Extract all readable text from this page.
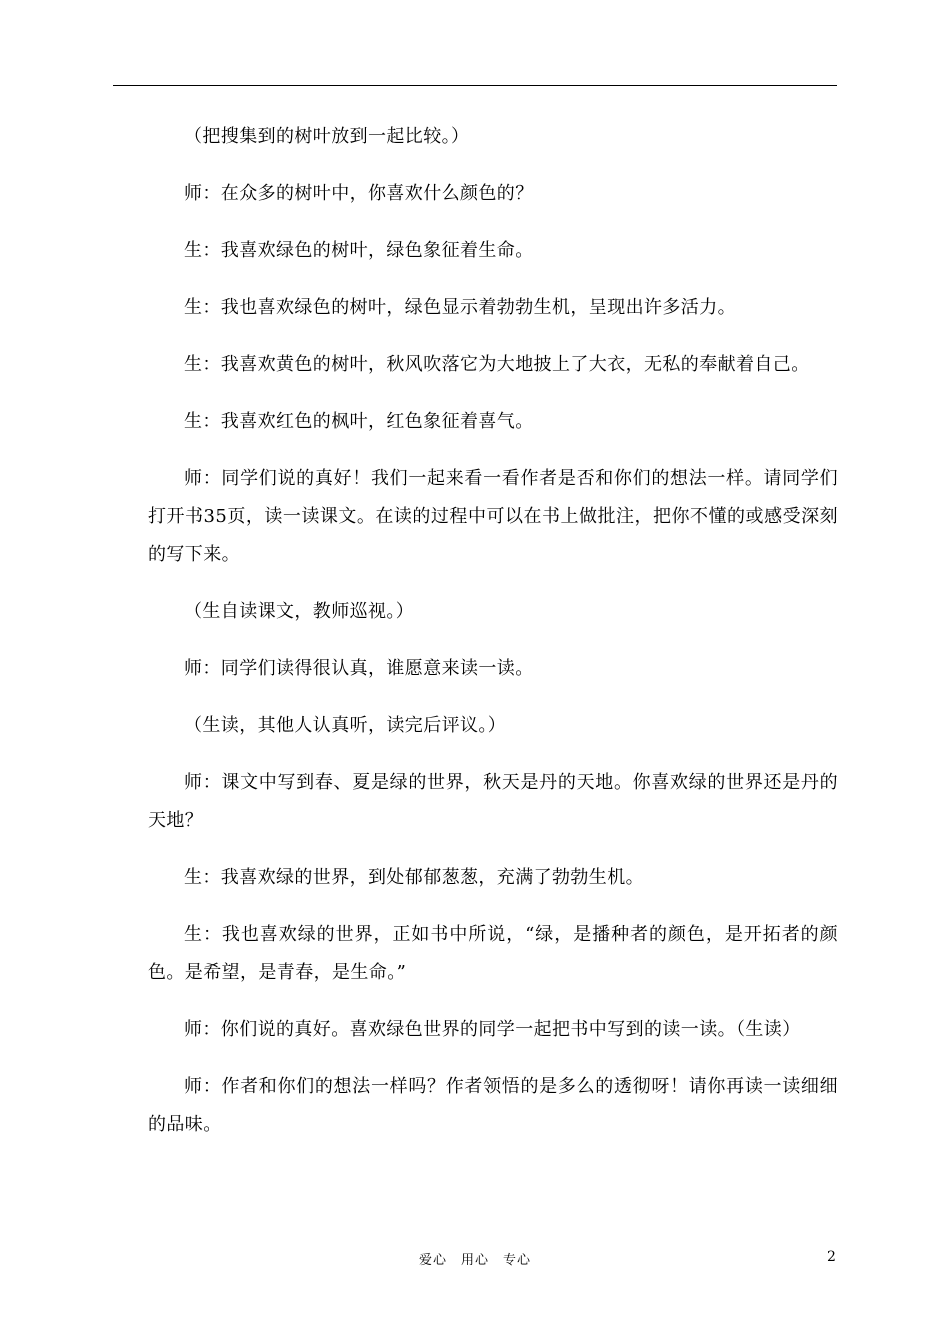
（把搜集到的树叶放到一起比较。）

师：在众多的树叶中，你喜欢什么颜色的？

生：我喜欢绿色的树叶，绿色象征着生命。

生：我也喜欢绿色的树叶，绿色显示着勃勃生机，呈现出许多活力。

生：我喜欢黄色的树叶，秋风吹落它为大地披上了大衣，无私的奉献着自己。

生：我喜欢红色的枫叶，红色象征着喜气。

师：同学们说的真好！我们一起来看一看作者是否和你们的想法一样。请同学们打开书35页，读一读课文。在读的过程中可以在书上做批注，把你不懂的或感受深刻的写下来。

（生自读课文，教师巡视。）

师：同学们读得很认真，谁愿意来读一读。

（生读，其他人认真听，读完后评议。）

师：课文中写到春、夏是绿的世界，秋天是丹的天地。你喜欢绿的世界还是丹的天地？

生：我喜欢绿的世界，到处郁郁葱葱，充满了勃勃生机。

生：我也喜欢绿的世界，正如书中所说，“绿，是播种者的颜色，是开拓者的颜色。是希望，是青春，是生命。”

师：你们说的真好。喜欢绿色世界的同学一起把书中写到的读一读。（生读）

师：作者和你们的想法一样吗？作者领悟的是多么的透彻呀！请你再读一读细细的品味。

爱心　用心　专心	2
